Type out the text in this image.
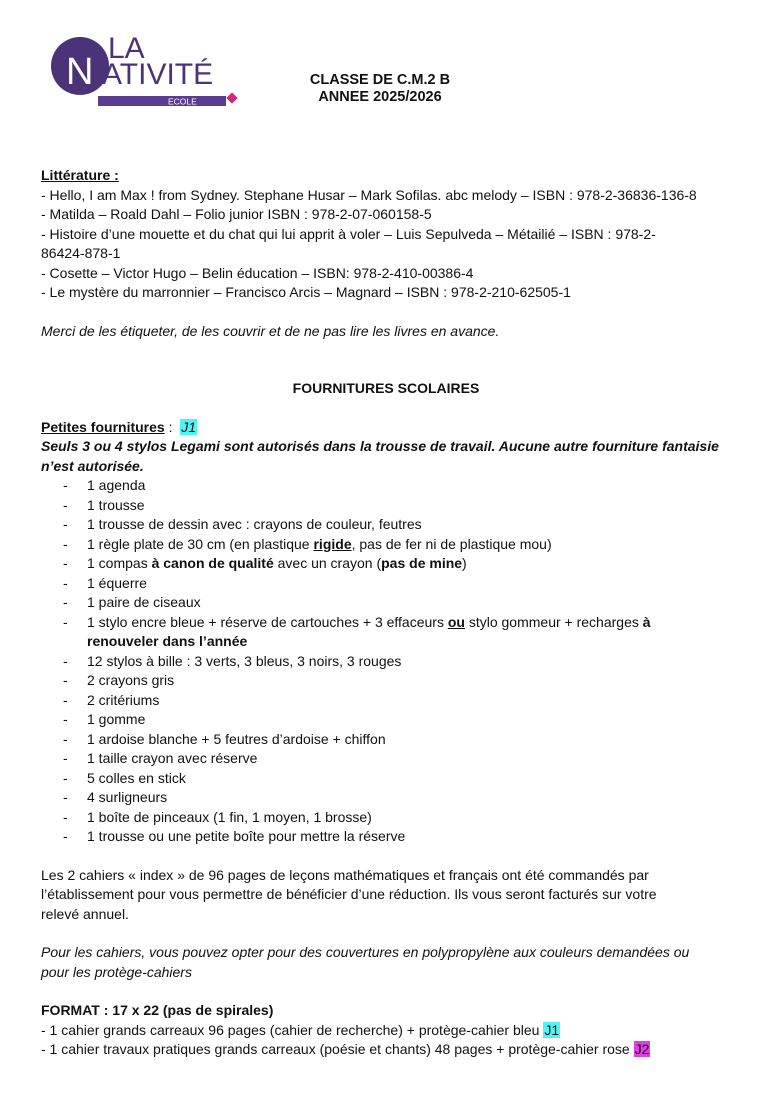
N
LA
ATIVITÉ
ECOLE
CLASSE DE C.M.2 B
ANNEE 2025/2026
Littérature :
- Hello, I am Max ! from Sydney. Stephane Husar – Mark Sofilas. abc melody – ISBN : 978-2-36836-136-8
- Matilda – Roald Dahl – Folio junior ISBN : 978-2-07-060158-5
- Histoire d’une mouette et du chat qui lui apprit à voler – Luis Sepulveda – Métailié – ISBN : 978-2-
86424-878-1
- Cosette – Victor Hugo – Belin éducation – ISBN: 978-2-410-00386-4
- Le mystère du marronnier – Francisco Arcis – Magnard – ISBN : 978-2-210-62505-1
Merci de les étiqueter, de les couvrir et de ne pas lire les livres en avance.
FOURNITURES SCOLAIRES
Petites fournitures :  J1
Seuls 3 ou 4 stylos Legami sont autorisés dans la trousse de travail. Aucune autre fourniture fantaisie
n’est autorisée.
- 1 agenda
- 1 trousse
- 1 trousse de dessin avec : crayons de couleur, feutres
- 1 règle plate de 30 cm (en plastique rigide, pas de fer ni de plastique mou)
- 1 compas à canon de qualité avec un crayon (pas de mine)
- 1 équerre
- 1 paire de ciseaux
- 1 stylo encre bleue + réserve de cartouches + 3 effaceurs ou stylo gommeur + recharges à
renouveler dans l’année
- 12 stylos à bille : 3 verts, 3 bleus, 3 noirs, 3 rouges
- 2 crayons gris
- 2 critériums
- 1 gomme
- 1 ardoise blanche + 5 feutres d’ardoise + chiffon
- 1 taille crayon avec réserve
- 5 colles en stick
- 4 surligneurs
- 1 boîte de pinceaux (1 fin, 1 moyen, 1 brosse)
- 1 trousse ou une petite boîte pour mettre la réserve
Les 2 cahiers « index » de 96 pages de leçons mathématiques et français ont été commandés par
l’établissement pour vous permettre de bénéficier d’une réduction. Ils vous seront facturés sur votre
relevé annuel.
Pour les cahiers, vous pouvez opter pour des couvertures en polypropylène aux couleurs demandées ou
pour les protège-cahiers
FORMAT : 17 x 22 (pas de spirales)
- 1 cahier grands carreaux 96 pages (cahier de recherche) + protège-cahier bleu J1
- 1 cahier travaux pratiques grands carreaux (poésie et chants) 48 pages + protège-cahier rose J2
